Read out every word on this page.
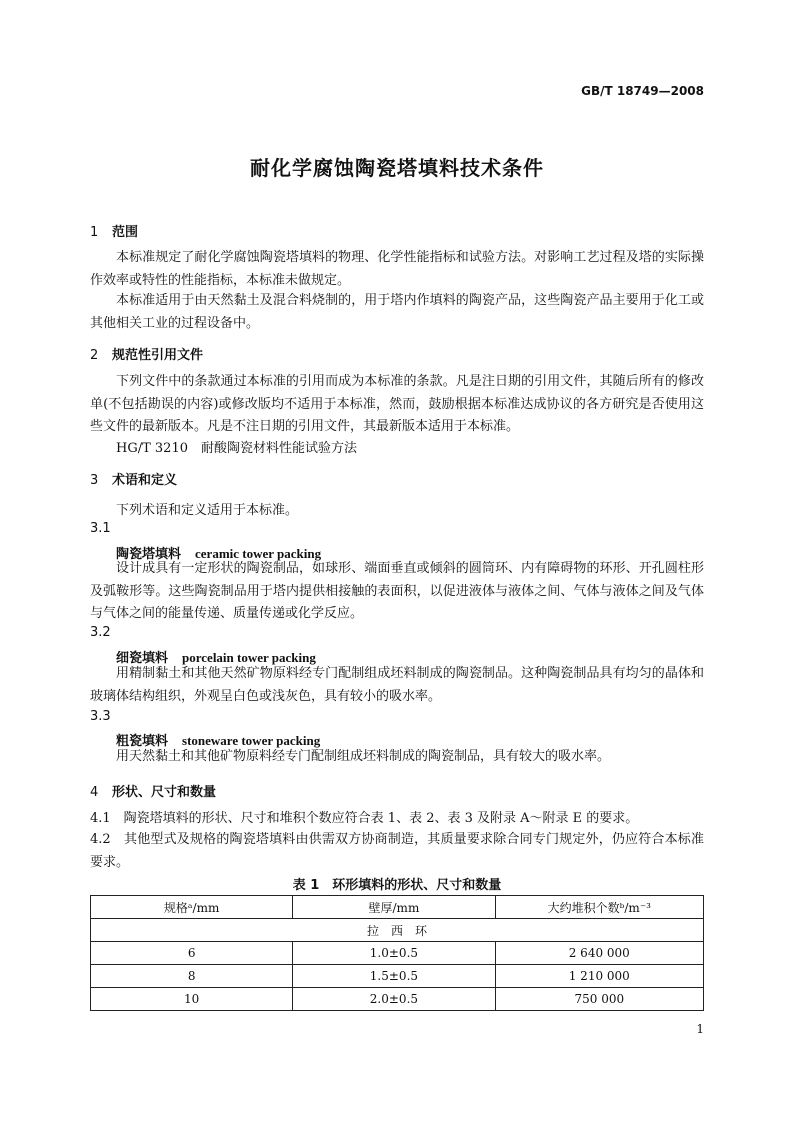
GB/T 18749—2008
耐化学腐蚀陶瓷塔填料技术条件
1 范围
本标准规定了耐化学腐蚀陶瓷塔填料的物理、化学性能指标和试验方法。对影响工艺过程及塔的实际操作效率或特性的性能指标，本标准未做规定。
本标准适用于由天然黏土及混合料烧制的，用于塔内作填料的陶瓷产品，这些陶瓷产品主要用于化工或其他相关工业的过程设备中。
2 规范性引用文件
下列文件中的条款通过本标准的引用而成为本标准的条款。凡是注日期的引用文件，其随后所有的修改单(不包括勘误的内容)或修改版均不适用于本标准，然而，鼓励根据本标准达成协议的各方研究是否使用这些文件的最新版本。凡是不注日期的引用文件，其最新版本适用于本标准。
HG/T 3210　耐酸陶瓷材料性能试验方法
3 术语和定义
下列术语和定义适用于本标准。
3.1
陶瓷塔填料 ceramic tower packing
设计成具有一定形状的陶瓷制品，如球形、端面垂直或倾斜的圆筒环、内有障碍物的环形、开孔圆柱形及弧鞍形等。这些陶瓷制品用于塔内提供相接触的表面积，以促进液体与液体之间、气体与液体之间及气体与气体之间的能量传递、质量传递或化学反应。
3.2
细瓷填料 porcelain tower packing
用精制黏土和其他天然矿物原料经专门配制组成坯料制成的陶瓷制品。这种陶瓷制品具有均匀的晶体和玻璃体结构组织，外观呈白色或浅灰色，具有较小的吸水率。
3.3
粗瓷填料 stoneware tower packing
用天然黏土和其他矿物原料经专门配制组成坯料制成的陶瓷制品，具有较大的吸水率。
4 形状、尺寸和数量
4.1　陶瓷塔填料的形状、尺寸和堆积个数应符合表 1、表 2、表 3 及附录 A～附录 E 的要求。
4.2　其他型式及规格的陶瓷塔填料由供需双方协商制造，其质量要求除合同专门规定外，仍应符合本标准要求。
表 1　环形填料的形状、尺寸和数量
规格ᵃ/mm	壁厚/mm	大约堆积个数ᵇ/m⁻³
拉　西　环		
6	1.0±0.5	2 640 000
8	1.5±0.5	1 210 000
10	2.0±0.5	750 000
1
